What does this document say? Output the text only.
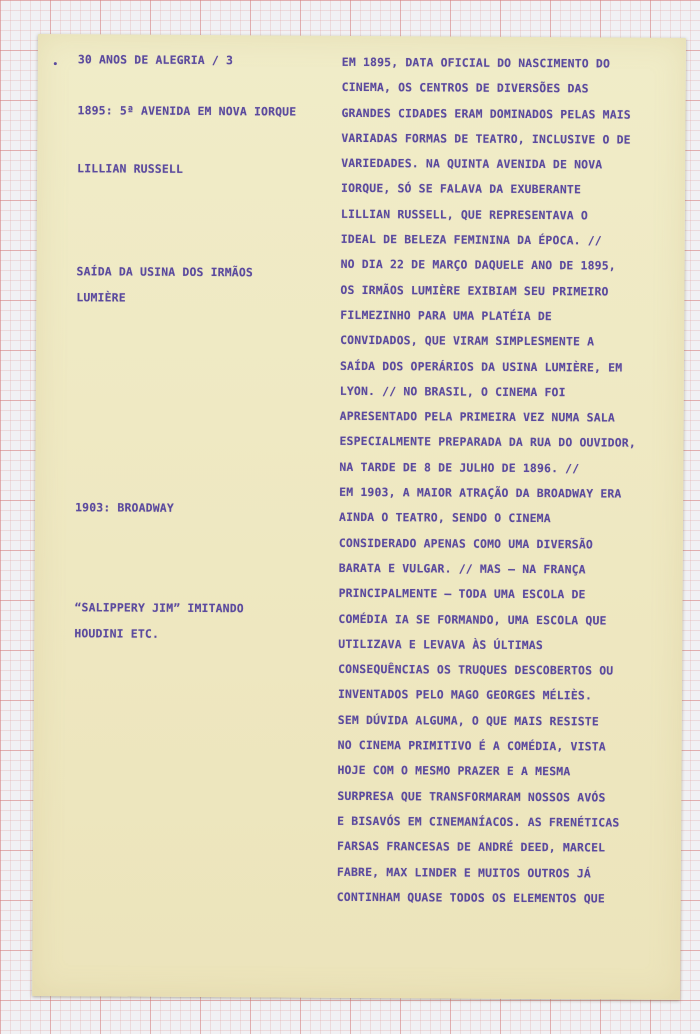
30 ANOS DE ALEGRIA / 3

1895: 5ª AVENIDA EM NOVA IORQUE

LILLIAN RUSSELL

SAÍDA DA USINA DOS IRMÃOS

LUMIÈRE

1903: BROADWAY

“SALIPPERY JIM” IMITANDO

HOUDINI ETC.

EM 1895, DATA OFICIAL DO NASCIMENTO DO
CINEMA, OS CENTROS DE DIVERSÕES DAS
GRANDES CIDADES ERAM DOMINADOS PELAS MAIS
VARIADAS FORMAS DE TEATRO, INCLUSIVE O DE
VARIEDADES. NA QUINTA AVENIDA DE NOVA
IORQUE, SÓ SE FALAVA DA EXUBERANTE
LILLIAN RUSSELL, QUE REPRESENTAVA O
IDEAL DE BELEZA FEMININA DA ÉPOCA. //
NO DIA 22 DE MARÇO DAQUELE ANO DE 1895,
OS IRMÃOS LUMIÈRE EXIBIAM SEU PRIMEIRO
FILMEZINHO PARA UMA PLATÉIA DE
CONVIDADOS, QUE VIRAM SIMPLESMENTE A
SAÍDA DOS OPERÁRIOS DA USINA LUMIÈRE, EM
LYON. // NO BRASIL, O CINEMA FOI
APRESENTADO PELA PRIMEIRA VEZ NUMA SALA
ESPECIALMENTE PREPARADA DA RUA DO OUVIDOR,
NA TARDE DE 8 DE JULHO DE 1896. //
EM 1903, A MAIOR ATRAÇÃO DA BROADWAY ERA
AINDA O TEATRO, SENDO O CINEMA
CONSIDERADO APENAS COMO UMA DIVERSÃO
BARATA E VULGAR. // MAS — NA FRANÇA
PRINCIPALMENTE — TODA UMA ESCOLA DE
COMÉDIA IA SE FORMANDO, UMA ESCOLA QUE
UTILIZAVA E LEVAVA ÀS ÚLTIMAS
CONSEQUÊNCIAS OS TRUQUES DESCOBERTOS OU
INVENTADOS PELO MAGO GEORGES MÉLIÈS.
SEM DÚVIDA ALGUMA, O QUE MAIS RESISTE
NO CINEMA PRIMITIVO É A COMÉDIA, VISTA
HOJE COM O MESMO PRAZER E A MESMA
SURPRESA QUE TRANSFORMARAM NOSSOS AVÓS
E BISAVÓS EM CINEMANÍACOS. AS FRENÉTICAS
FARSAS FRANCESAS DE ANDRÉ DEED, MARCEL
FABRE, MAX LINDER E MUITOS OUTROS JÁ
CONTINHAM QUASE TODOS OS ELEMENTOS QUE
